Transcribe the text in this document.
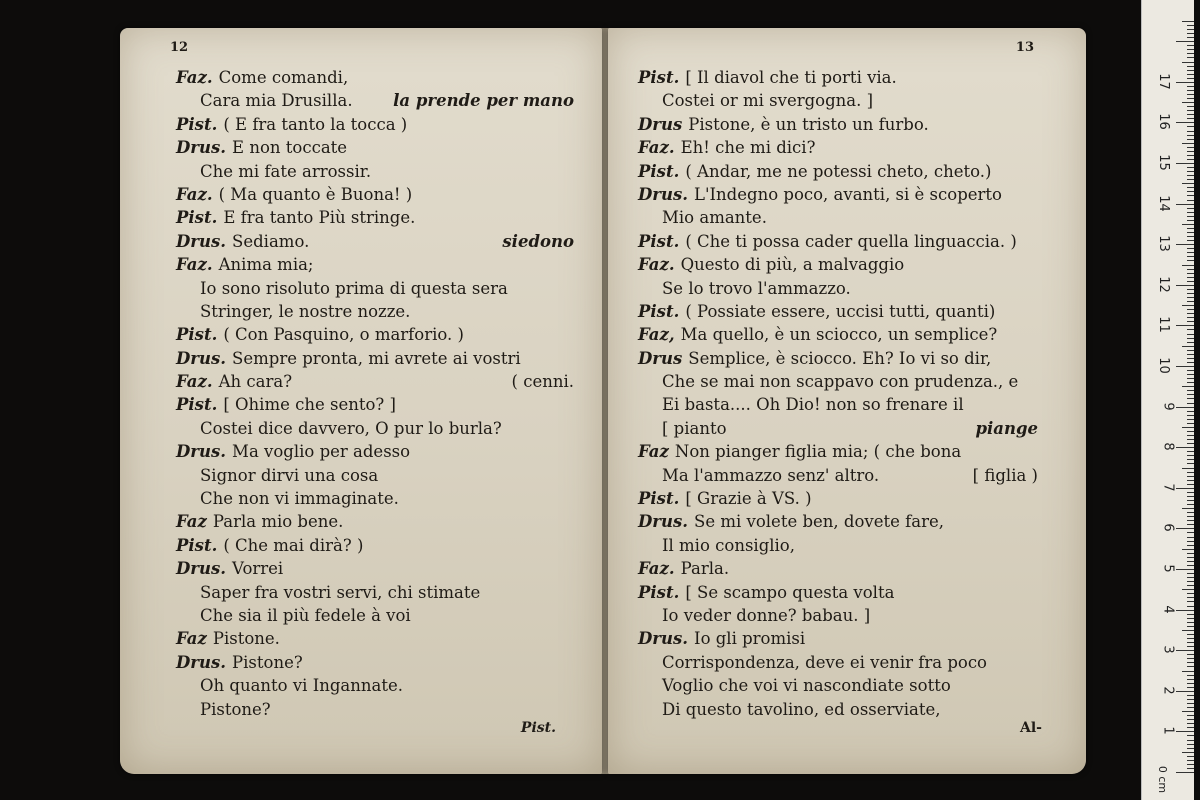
12
Faz. Come comandi,
Cara mia Drusilla. la prende per mano
Pist. ( E fra tanto la tocca )
Drus. E non toccate
Che mi fate arrossir.
Faz. ( Ma quanto è Buona! )
Pist. E fra tanto Più stringe.
Drus. Sediamo.	siedono
Faz. Anima mia;
Io sono risoluto prima di questa sera
Stringer, le nostre nozze.
Pist. ( Con Pasquino, o marforio. )
Drus. Sempre pronta, mi avrete ai vostri
Faz. Ah cara?	( cenni.
Pist. [ Ohime che sento? ]
Costei dice davvero, O pur lo burla?
Drus. Ma voglio per adesso
Signor dirvi una cosa
Che non vi immaginate.
Faz Parla mio bene.
Pist. ( Che mai dirà? )
Drus. Vorrei
Saper fra vostri servi, chi stimate
Che sia il più fedele à voi
Faz Pistone.
Drus. Pistone?
Oh quanto vi Ingannate.
Pistone?
Pist.
13
Pist. [ Il diavol che ti porti via.
Costei or mi svergogna. ]
Drus Pistone, è un tristo un furbo.
Faz. Eh! che mi dici?
Pist. ( Andar, me ne potessi cheto, cheto.)
Drus. L'Indegno poco, avanti, si è scoperto
Mio amante.
Pist. ( Che ti possa cader quella linguaccia. )
Faz. Questo di più, a malvaggio
Se lo trovo l'ammazzo.
Pist. ( Possiate essere, uccisi tutti, quanti)
Faz, Ma quello, è un sciocco, un semplice?
Drus Semplice, è sciocco. Eh? Io vi so dir,
Che se mai non scappavo con prudenza., e
Ei basta.... Oh Dio! non so frenare il
[ pianto	piange
Faz Non pianger figlia mia; ( che bona
Ma l'ammazzo senz' altro.	[ figlia )
Pist. [ Grazie à VS. )
Drus. Se mi volete ben, dovete fare,
Il mio consiglio,
Faz. Parla.
Pist. [ Se scampo questa volta
Io veder donne? babau. ]
Drus. Io gli promisi
Corrispondenza, deve ei venir fra poco
Voglio che voi vi nascondiate sotto
Di questo tavolino, ed osserviate,
Al-
0 cm
1
2
3
4
5
6
7
8
9
10
11
12
13
14
15
16
17
